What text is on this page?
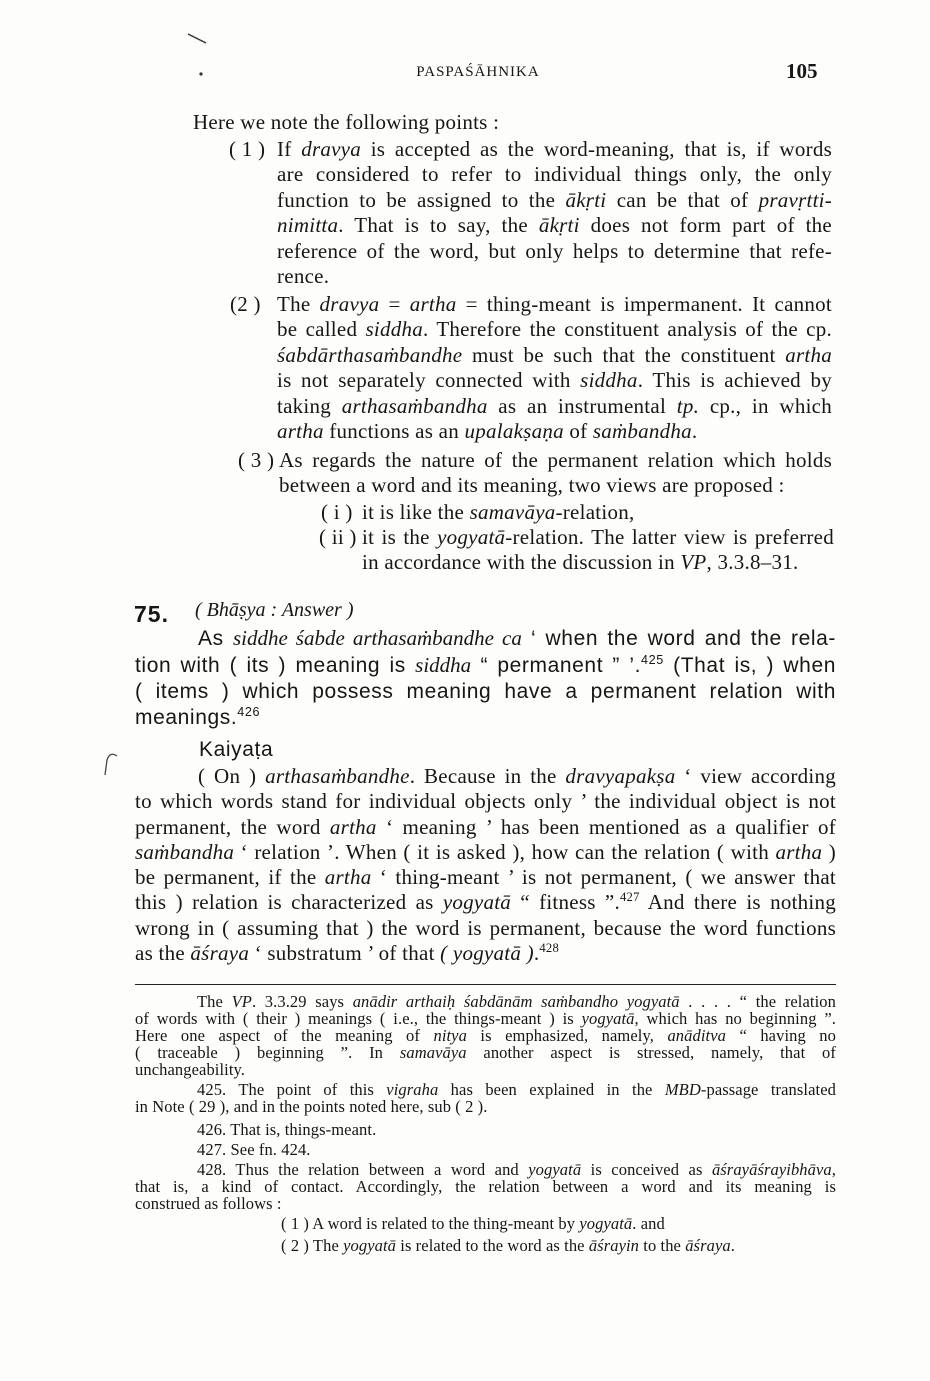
PASPAŚĀHNIKA	105
Here we note the following points :
( 1 ) If dravya is accepted as the word-meaning, that is, if words
are considered to refer to individual things only, the only
function to be assigned to the ākṛti can be that of pravṛtti-
nimitta. That is to say, the ākṛti does not form part of the
reference of the word, but only helps to determine that refe-
rence.
(2 ) The dravya = artha = thing-meant is impermanent. It cannot
be called siddha. Therefore the constituent analysis of the cp.
śabdārthasaṁbandhe must be such that the constituent artha
is not separately connected with siddha. This is achieved by
taking arthasaṁbandha as an instrumental tp. cp., in which
artha functions as an upalakṣaṇa of saṁbandha.
( 3 ) As regards the nature of the permanent relation which holds
between a word and its meaning, two views are proposed :
( i ) it is like the samavāya-relation,
( ii ) it is the yogyatā-relation. The latter view is preferred
in accordance with the discussion in VP, 3.3.8–31.
75. ( Bhāṣya : Answer )
As siddhe śabde arthasaṁbandhe ca ‘ when the word and the rela-
tion with ( its ) meaning is siddha “ permanent ” ’.$^{425}$ (That is, ) when
( items ) which possess meaning have a permanent relation with
meanings.$^{426}$
Kaiyaṭa
( On ) arthasaṁbandhe. Because in the dravyapakṣa ‘ view according
to which words stand for individual objects only ’ the individual object is not
permanent, the word artha ‘ meaning ’ has been mentioned as a qualifier of
saṁbandha ‘ relation ’. When ( it is asked ), how can the relation ( with artha )
be permanent, if the artha ‘ thing-meant ’ is not permanent, ( we answer that
this ) relation is characterized as yogyatā “ fitness ”.$^{427}$ And there is nothing
wrong in ( assuming that ) the word is permanent, because the word functions
as the āśraya ‘ substratum ’ of that ( yogyatā ).$^{428}$
The VP. 3.3.29 says anādir arthaiḥ śabdānām saṁbandho yogyatā . . . . “ the relation
of words with ( their ) meanings ( i.e., the things-meant ) is yogyatā, which has no beginning ”.
Here one aspect of the meaning of nitya is emphasized, namely, anāditva “ having no
( traceable ) beginning ”. In samavāya another aspect is stressed, namely, that of
unchangeability.
425. The point of this vigraha has been explained in the MBD-passage translated
in Note ( 29 ), and in the points noted here, sub ( 2 ).
426. That is, things-meant.
427. See fn. 424.
428. Thus the relation between a word and yogyatā is conceived as āśrayāśrayibhāva,
that is, a kind of contact. Accordingly, the relation between a word and its meaning is
construed as follows :
( 1 ) A word is related to the thing-meant by yogyatā. and
( 2 ) The yogyatā is related to the word as the āśrayin to the āśraya.
